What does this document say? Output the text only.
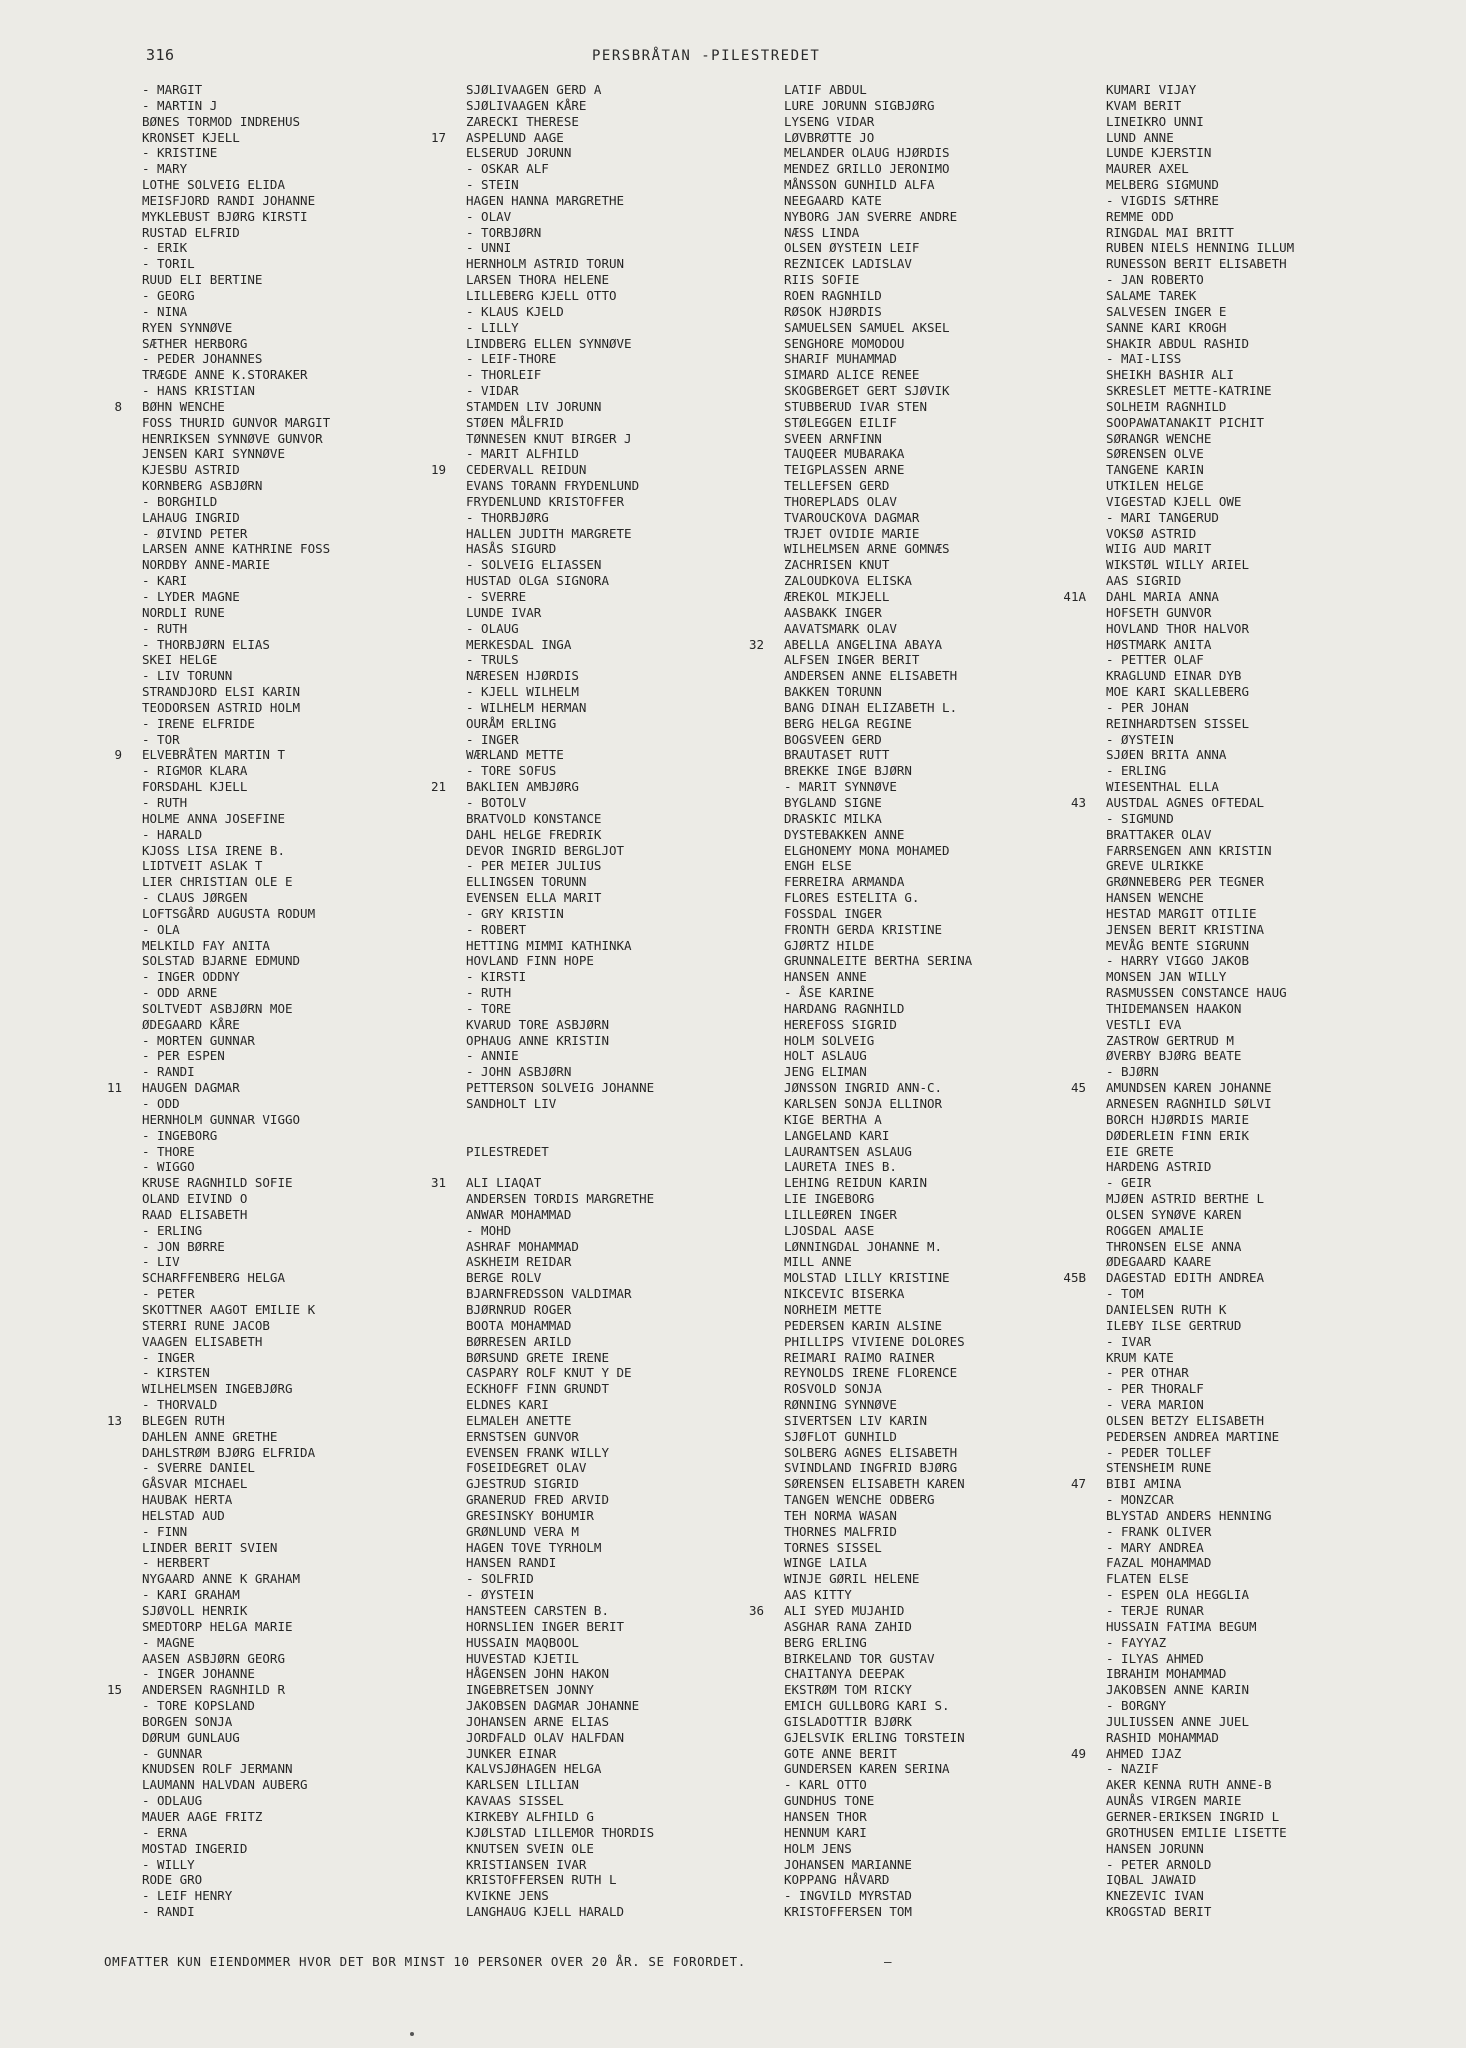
316	PERSBRÅTAN -PILESTREDET
- MARGIT
- MARTIN J
BØNES TORMOD INDREHUS
KRONSET KJELL
- KRISTINE
- MARY
LOTHE SOLVEIG ELIDA
MEISFJORD RANDI JOHANNE
MYKLEBUST BJØRG KIRSTI
RUSTAD ELFRID
- ERIK
- TORIL
RUUD ELI BERTINE
- GEORG
- NINA
RYEN SYNNØVE
SÆTHER HERBORG
- PEDER JOHANNES
TRÆGDE ANNE K.STORAKER
- HANS KRISTIAN
8 BØHN WENCHE
FOSS THURID GUNVOR MARGIT
HENRIKSEN SYNNØVE GUNVOR
JENSEN KARI SYNNØVE
KJESBU ASTRID
KORNBERG ASBJØRN
- BORGHILD
LAHAUG INGRID
- ØIVIND PETER
LARSEN ANNE KATHRINE FOSS
NORDBY ANNE-MARIE
- KARI
- LYDER MAGNE
NORDLI RUNE
- RUTH
- THORBJØRN ELIAS
SKEI HELGE
- LIV TORUNN
STRANDJORD ELSI KARIN
TEODORSEN ASTRID HOLM
- IRENE ELFRIDE
- TOR
9 ELVEBRÅTEN MARTIN T
- RIGMOR KLARA
FORSDAHL KJELL
- RUTH
HOLME ANNA JOSEFINE
- HARALD
KJOSS LISA IRENE B.
LIDTVEIT ASLAK T
LIER CHRISTIAN OLE E
- CLAUS JØRGEN
LOFTSGÅRD AUGUSTA RODUM
- OLA
MELKILD FAY ANITA
SOLSTAD BJARNE EDMUND
- INGER ODDNY
- ODD ARNE
SOLTVEDT ASBJØRN MOE
ØDEGAARD KÅRE
- MORTEN GUNNAR
- PER ESPEN
- RANDI
11 HAUGEN DAGMAR
- ODD
HERNHOLM GUNNAR VIGGO
- INGEBORG
- THORE
- WIGGO
KRUSE RAGNHILD SOFIE
OLAND EIVIND O
RAAD ELISABETH
- ERLING
- JON BØRRE
- LIV
SCHARFFENBERG HELGA
- PETER
SKOTTNER AAGOT EMILIE K
STERRI RUNE JACOB
VAAGEN ELISABETH
- INGER
- KIRSTEN
WILHELMSEN INGEBJØRG
- THORVALD
13 BLEGEN RUTH
DAHLEN ANNE GRETHE
DAHLSTRØM BJØRG ELFRIDA
- SVERRE DANIEL
GÅSVAR MICHAEL
HAUBAK HERTA
HELSTAD AUD
- FINN
LINDER BERIT SVIEN
- HERBERT
NYGAARD ANNE K GRAHAM
- KARI GRAHAM
SJØVOLL HENRIK
SMEDTORP HELGA MARIE
- MAGNE
AASEN ASBJØRN GEORG
- INGER JOHANNE
15 ANDERSEN RAGNHILD R
- TORE KOPSLAND
BORGEN SONJA
DØRUM GUNLAUG
- GUNNAR
KNUDSEN ROLF JERMANN
LAUMANN HALVDAN AUBERG
- ODLAUG
MAUER AAGE FRITZ
- ERNA
MOSTAD INGERID
- WILLY
RODE GRO
- LEIF HENRY
- RANDI
SJØLIVAAGEN GERD A
SJØLIVAAGEN KÅRE
ZARECKI THERESE
17 ASPELUND AAGE
ELSERUD JORUNN
- OSKAR ALF
- STEIN
HAGEN HANNA MARGRETHE
- OLAV
- TORBJØRN
- UNNI
HERNHOLM ASTRID TORUN
LARSEN THORA HELENE
LILLEBERG KJELL OTTO
- KLAUS KJELD
- LILLY
LINDBERG ELLEN SYNNØVE
- LEIF-THORE
- THORLEIF
- VIDAR
STAMDEN LIV JORUNN
STØEN MÅLFRID
TØNNESEN KNUT BIRGER J
- MARIT ALFHILD
19 CEDERVALL REIDUN
EVANS TORANN FRYDENLUND
FRYDENLUND KRISTOFFER
- THORBJØRG
HALLEN JUDITH MARGRETE
HASÅS SIGURD
- SOLVEIG ELIASSEN
HUSTAD OLGA SIGNORA
- SVERRE
LUNDE IVAR
- OLAUG
MERKESDAL INGA
- TRULS
NÆRESEN HJØRDIS
- KJELL WILHELM
- WILHELM HERMAN
OURÅM ERLING
- INGER
WÆRLAND METTE
- TORE SOFUS
21 BAKLIEN AMBJØRG
- BOTOLV
BRATVOLD KONSTANCE
DAHL HELGE FREDRIK
DEVOR INGRID BERGLJOT
- PER MEIER JULIUS
ELLINGSEN TORUNN
EVENSEN ELLA MARIT
- GRY KRISTIN
- ROBERT
HETTING MIMMI KATHINKA
HOVLAND FINN HOPE
- KIRSTI
- RUTH
- TORE
KVARUD TORE ASBJØRN
OPHAUG ANNE KRISTIN
- ANNIE
- JOHN ASBJØRN
PETTERSON SOLVEIG JOHANNE
SANDHOLT LIV
PILESTREDET
31 ALI LIAQAT
ANDERSEN TORDIS MARGRETHE
ANWAR MOHAMMAD
- MOHD
ASHRAF MOHAMMAD
ASKHEIM REIDAR
BERGE ROLV
BJARNFREDSSON VALDIMAR
BJØRNRUD ROGER
BOOTA MOHAMMAD
BØRRESEN ARILD
BØRSUND GRETE IRENE
CASPARY ROLF KNUT Y DE
ECKHOFF FINN GRUNDT
ELDNES KARI
ELMALEH ANETTE
ERNSTSEN GUNVOR
EVENSEN FRANK WILLY
FOSEIDEGRET OLAV
GJESTRUD SIGRID
GRANERUD FRED ARVID
GRESINSKY BOHUMIR
GRØNLUND VERA M
HAGEN TOVE TYRHOLM
HANSEN RANDI
- SOLFRID
- ØYSTEIN
HANSTEEN CARSTEN B.
HORNSLIEN INGER BERIT
HUSSAIN MAQBOOL
HUVESTAD KJETIL
HÅGENSEN JOHN HAKON
INGEBRETSEN JONNY
JAKOBSEN DAGMAR JOHANNE
JOHANSEN ARNE ELIAS
JORDFALD OLAV HALFDAN
JUNKER EINAR
KALVSJØHAGEN HELGA
KARLSEN LILLIAN
KAVAAS SISSEL
KIRKEBY ALFHILD G
KJØLSTAD LILLEMOR THORDIS
KNUTSEN SVEIN OLE
KRISTIANSEN IVAR
KRISTOFFERSEN RUTH L
KVIKNE JENS
LANGHAUG KJELL HARALD
LATIF ABDUL
LURE JORUNN SIGBJØRG
LYSENG VIDAR
LØVBRØTTE JO
MELANDER OLAUG HJØRDIS
MENDEZ GRILLO JERONIMO
MÅNSSON GUNHILD ALFA
NEEGAARD KATE
NYBORG JAN SVERRE ANDRE
NÆSS LINDA
OLSEN ØYSTEIN LEIF
REZNICEK LADISLAV
RIIS SOFIE
ROEN RAGNHILD
RØSOK HJØRDIS
SAMUELSEN SAMUEL AKSEL
SENGHORE MOMODOU
SHARIF MUHAMMAD
SIMARD ALICE RENEE
SKOGBERGET GERT SJØVIK
STUBBERUD IVAR STEN
STØLEGGEN EILIF
SVEEN ARNFINN
TAUQEER MUBARAKA
TEIGPLASSEN ARNE
TELLEFSEN GERD
THOREPLADS OLAV
TVAROUCKOVA DAGMAR
TRJET OVIDIE MARIE
WILHELMSEN ARNE GOMNÆS
ZACHRISEN KNUT
ZALOUDKOVA ELISKA
ÆREKOL MIKJELL
AASBAKK INGER
AAVATSMARK OLAV
32 ABELLA ANGELINA ABAYA
ALFSEN INGER BERIT
ANDERSEN ANNE ELISABETH
BAKKEN TORUNN
BANG DINAH ELIZABETH L.
BERG HELGA REGINE
BOGSVEEN GERD
BRAUTASET RUTT
BREKKE INGE BJØRN
- MARIT SYNNØVE
BYGLAND SIGNE
DRASKIC MILKA
DYSTEBAKKEN ANNE
ELGHONEMY MONA MOHAMED
ENGH ELSE
FERREIRA ARMANDA
FLORES ESTELITA G.
FOSSDAL INGER
FRONTH GERDA KRISTINE
GJØRTZ HILDE
GRUNNALEITE BERTHA SERINA
HANSEN ANNE
- ÅSE KARINE
HARDANG RAGNHILD
HEREFOSS SIGRID
HOLM SOLVEIG
HOLT ASLAUG
JENG ELIMAN
JØNSSON INGRID ANN-C.
KARLSEN SONJA ELLINOR
KIGE BERTHA A
LANGELAND KARI
LAURANTSEN ASLAUG
LAURETA INES B.
LEHING REIDUN KARIN
LIE INGEBORG
LILLEØREN INGER
LJOSDAL AASE
LØNNINGDAL JOHANNE M.
MILL ANNE
MOLSTAD LILLY KRISTINE
NIKCEVIC BISERKA
NORHEIM METTE
PEDERSEN KARIN ALSINE
PHILLIPS VIVIENE DOLORES
REIMARI RAIMO RAINER
REYNOLDS IRENE FLORENCE
ROSVOLD SONJA
RØNNING SYNNØVE
SIVERTSEN LIV KARIN
SJØFLOT GUNHILD
SOLBERG AGNES ELISABETH
SVINDLAND INGFRID BJØRG
SØRENSEN ELISABETH KAREN
TANGEN WENCHE ODBERG
TEH NORMA WASAN
THORNES MALFRID
TORNES SISSEL
WINGE LAILA
WINJE GØRIL HELENE
AAS KITTY
36 ALI SYED MUJAHID
ASGHAR RANA ZAHID
BERG ERLING
BIRKELAND TOR GUSTAV
CHAITANYA DEEPAK
EKSTRØM TOM RICKY
EMICH GULLBORG KARI S.
GISLADOTTIR BJØRK
GJELSVIK ERLING TORSTEIN
GOTE ANNE BERIT
GUNDERSEN KAREN SERINA
- KARL OTTO
GUNDHUS TONE
HANSEN THOR
HENNUM KARI
HOLM JENS
JOHANSEN MARIANNE
KOPPANG HÅVARD
- INGVILD MYRSTAD
KRISTOFFERSEN TOM
KUMARI VIJAY
KVAM BERIT
LINEIKRO UNNI
LUND ANNE
LUNDE KJERSTIN
MAURER AXEL
MELBERG SIGMUND
- VIGDIS SÆTHRE
REMME ODD
RINGDAL MAI BRITT
RUBEN NIELS HENNING ILLUM
RUNESSON BERIT ELISABETH
- JAN ROBERTO
SALAME TAREK
SALVESEN INGER E
SANNE KARI KROGH
SHAKIR ABDUL RASHID
- MAI-LISS
SHEIKH BASHIR ALI
SKRESLET METTE-KATRINE
SOLHEIM RAGNHILD
SOOPAWATANAKIT PICHIT
SØRANGR WENCHE
SØRENSEN OLVE
TANGENE KARIN
UTKILEN HELGE
VIGESTAD KJELL OWE
- MARI TANGERUD
VOKSØ ASTRID
WIIG AUD MARIT
WIKSTØL WILLY ARIEL
AAS SIGRID
41A DAHL MARIA ANNA
HOFSETH GUNVOR
HOVLAND THOR HALVOR
HØSTMARK ANITA
- PETTER OLAF
KRAGLUND EINAR DYB
MOE KARI SKALLEBERG
- PER JOHAN
REINHARDTSEN SISSEL
- ØYSTEIN
SJØEN BRITA ANNA
- ERLING
WIESENTHAL ELLA
43 AUSTDAL AGNES OFTEDAL
- SIGMUND
BRATTAKER OLAV
FARRSENGEN ANN KRISTIN
GREVE ULRIKKE
GRØNNEBERG PER TEGNER
HANSEN WENCHE
HESTAD MARGIT OTILIE
JENSEN BERIT KRISTINA
MEVÅG BENTE SIGRUNN
- HARRY VIGGO JAKOB
MONSEN JAN WILLY
RASMUSSEN CONSTANCE HAUG
THIDEMANSEN HAAKON
VESTLI EVA
ZASTROW GERTRUD M
ØVERBY BJØRG BEATE
- BJØRN
45 AMUNDSEN KAREN JOHANNE
ARNESEN RAGNHILD SØLVI
BORCH HJØRDIS MARIE
DØDERLEIN FINN ERIK
EIE GRETE
HARDENG ASTRID
- GEIR
MJØEN ASTRID BERTHE L
OLSEN SYNØVE KAREN
ROGGEN AMALIE
THRONSEN ELSE ANNA
ØDEGAARD KAARE
45B DAGESTAD EDITH ANDREA
- TOM
DANIELSEN RUTH K
ILEBY ILSE GERTRUD
- IVAR
KRUM KATE
- PER OTHAR
- PER THORALF
- VERA MARION
OLSEN BETZY ELISABETH
PEDERSEN ANDREA MARTINE
- PEDER TOLLEF
STENSHEIM RUNE
47 BIBI AMINA
- MONZCAR
BLYSTAD ANDERS HENNING
- FRANK OLIVER
- MARY ANDREA
FAZAL MOHAMMAD
FLATEN ELSE
- ESPEN OLA HEGGLIA
- TERJE RUNAR
HUSSAIN FATIMA BEGUM
- FAYYAZ
- ILYAS AHMED
IBRAHIM MOHAMMAD
JAKOBSEN ANNE KARIN
- BORGNY
JULIUSSEN ANNE JUEL
RASHID MOHAMMAD
49 AHMED IJAZ
- NAZIF
AKER KENNA RUTH ANNE-B
AUNÅS VIRGEN MARIE
GERNER-ERIKSEN INGRID L
GROTHUSEN EMILIE LISETTE
HANSEN JORUNN
- PETER ARNOLD
IQBAL JAWAID
KNEZEVIC IVAN
KROGSTAD BERIT
OMFATTER KUN EIENDOMMER HVOR DET BOR MINST 10 PERSONER OVER 20 ÅR. SE FORORDET.	–
